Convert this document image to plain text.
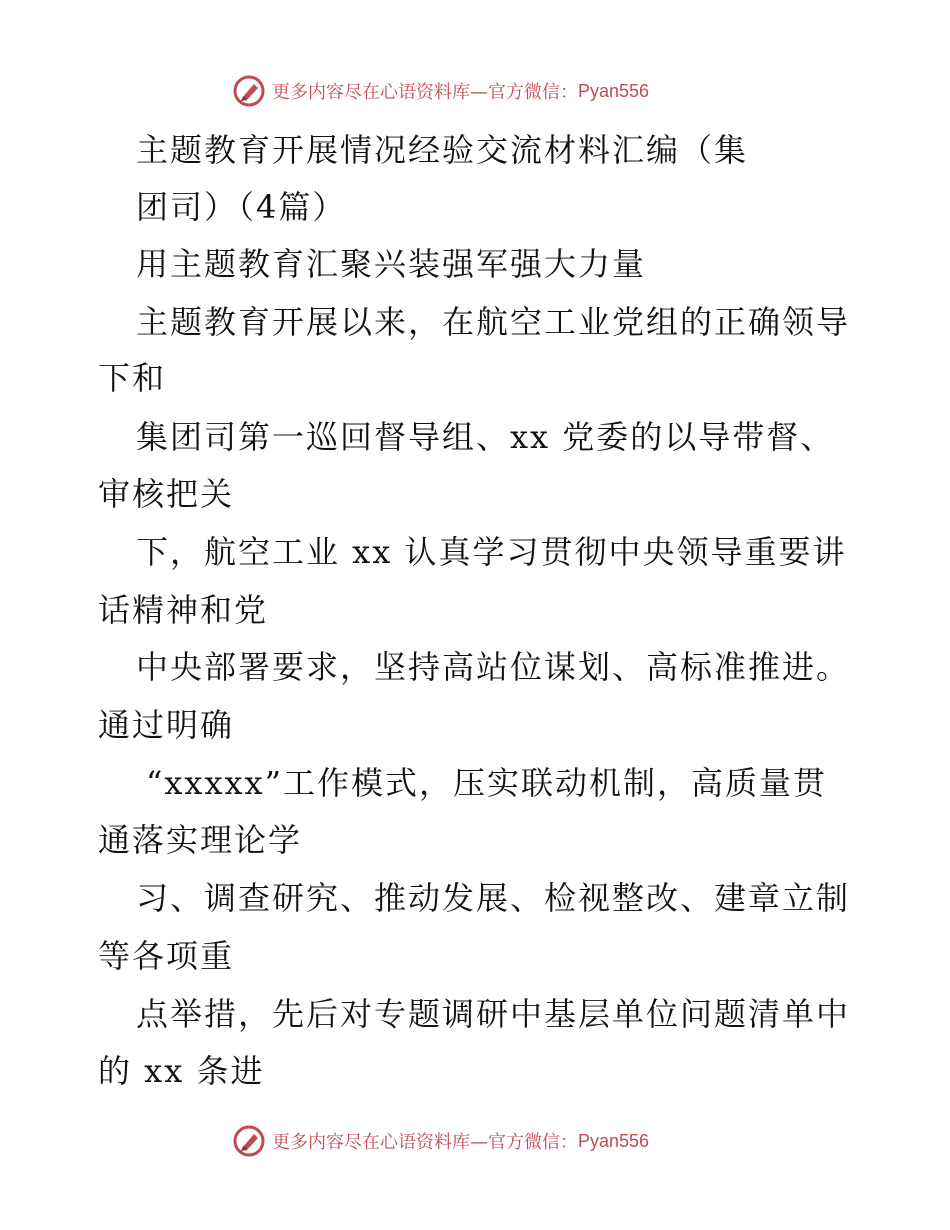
更多内容尽在心语资料库—官方微信： Pyan556
主题教育开展情况经验交流材料汇编（集
团司）（4篇）
用主题教育汇聚兴装强军强大力量
主题教育开展以来，在航空工业党组的正确领导
下和
集团司第一巡回督导组、xx 党委的以导带督、
审核把关
下，航空工业 xx 认真学习贯彻中央领导重要讲
话精神和党
中央部署要求，坚持高站位谋划、高标准推进。
通过明确
“xxxxx”工作模式，压实联动机制，高质量贯
通落实理论学
习、调查研究、推动发展、检视整改、建章立制
等各项重
点举措，先后对专题调研中基层单位问题清单中
的 xx 条进
更多内容尽在心语资料库—官方微信： Pyan556
